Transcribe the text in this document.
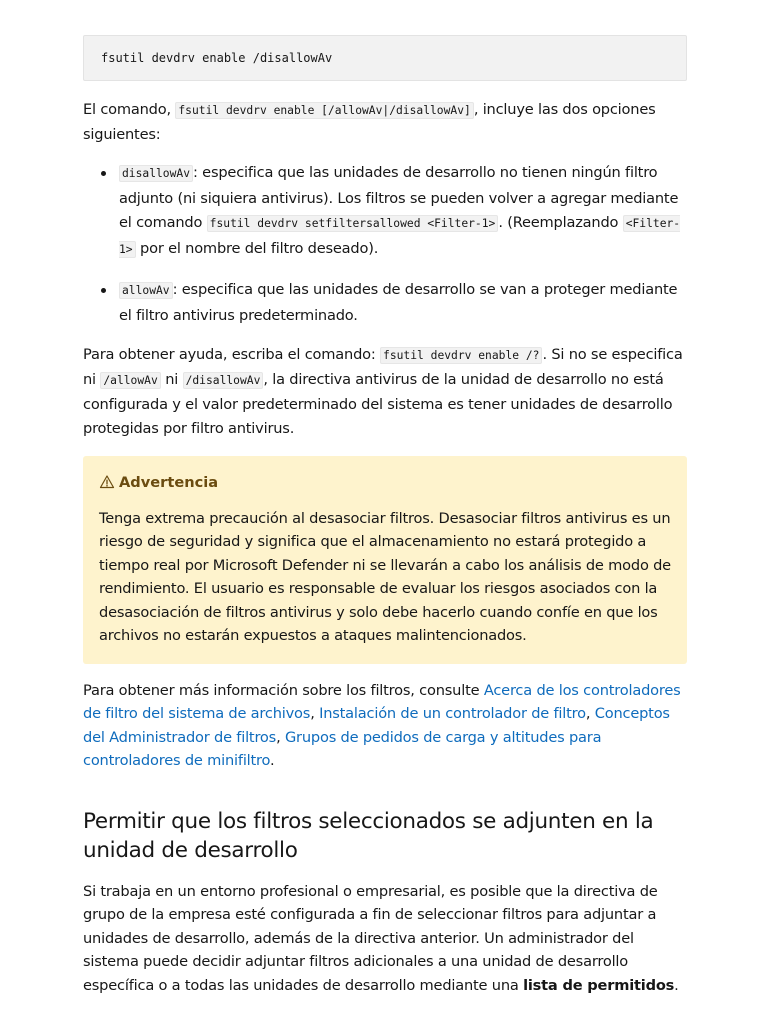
fsutil devdrv enable /disallowAv

El comando, fsutil devdrv enable [/allowAv|/disallowAv] , incluye las dos opciones siguientes:

disallowAv : especifica que las unidades de desarrollo no tienen ningún filtro adjunto (ni siquiera antivirus). Los filtros se pueden volver a agregar mediante el comando fsutil devdrv setfiltersallowed <Filter-1> . (Reemplazando <Filter-1> por el nombre del filtro deseado).
allowAv : especifica que las unidades de desarrollo se van a proteger mediante el filtro antivirus predeterminado.

Para obtener ayuda, escriba el comando: fsutil devdrv enable /? . Si no se especifica ni /allowAv ni /disallowAv , la directiva antivirus de la unidad de desarrollo no está configurada y el valor predeterminado del sistema es tener unidades de desarrollo protegidas por filtro antivirus.

Advertencia
Tenga extrema precaución al desasociar filtros. Desasociar filtros antivirus es un riesgo de seguridad y significa que el almacenamiento no estará protegido a tiempo real por Microsoft Defender ni se llevarán a cabo los análisis de modo de rendimiento. El usuario es responsable de evaluar los riesgos asociados con la desasociación de filtros antivirus y solo debe hacerlo cuando confíe en que los archivos no estarán expuestos a ataques malintencionados.

Para obtener más información sobre los filtros, consulte Acerca de los controladores de filtro del sistema de archivos, Instalación de un controlador de filtro, Conceptos del Administrador de filtros, Grupos de pedidos de carga y altitudes para controladores de minifiltro.

Permitir que los filtros seleccionados se adjunten en la unidad de desarrollo

Si trabaja en un entorno profesional o empresarial, es posible que la directiva de grupo de la empresa esté configurada a fin de seleccionar filtros para adjuntar a unidades de desarrollo, además de la directiva anterior. Un administrador del sistema puede decidir adjuntar filtros adicionales a una unidad de desarrollo específica o a todas las unidades de desarrollo mediante una lista de permitidos.
